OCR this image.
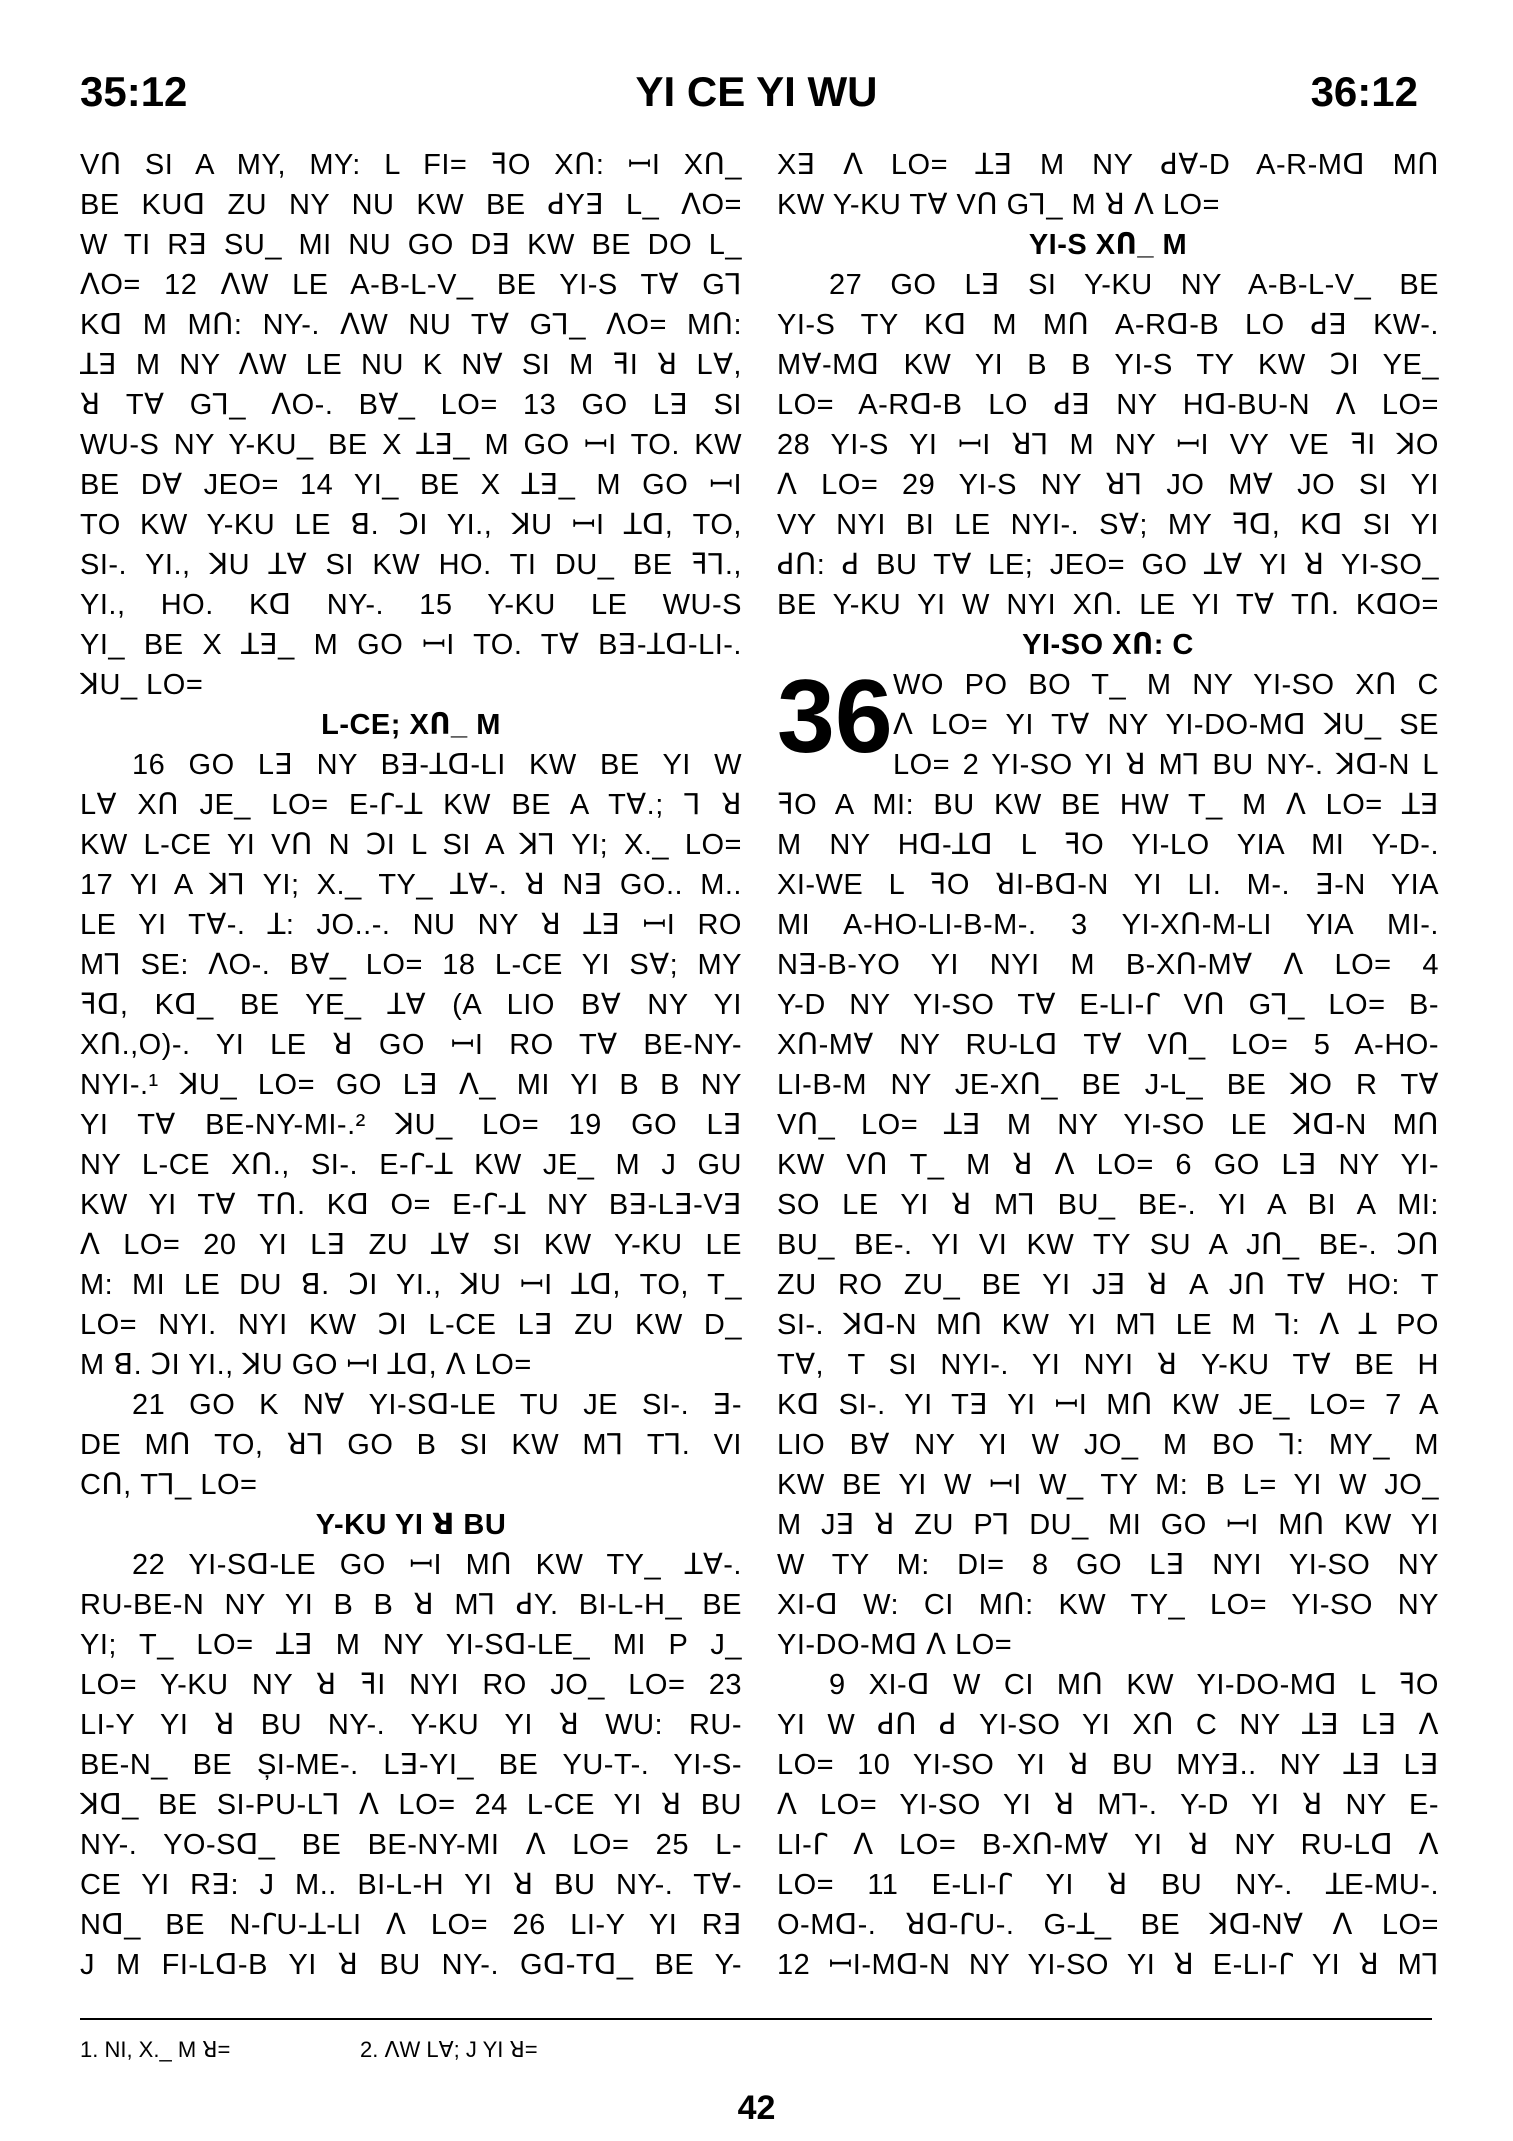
35:12	YI CE YI WU	36:12
VՈ SI A MY, MY: L FI= ꟻO XՈ: ꟷI XՈ_
BE KUꓷ ZU NY NU KW BE ꓒYꓱ L_ ꓥO=
W TI Rꓱ SU_ MI NU GO Dꓱ KW BE DO L_
ꓥO= 12 ꓥW LE A-B-L-V_ BE YI-S Tꓯ Gꓶ
Kꓷ M MՈ: NY-. ꓥW NU Tꓯ Gꓶ_ ꓥO= MՈ:
ꓕꓱ M NY ꓥW LE NU K Nꓯ SI M ꟻI ꓤ Lꓯ,
ꓤ Tꓯ Gꓶ_ ꓥO-. Bꓯ_ LO= 13 GO Lꓱ SI
WU-S NY Y-KU_ BE X ꓕꓱ_ M GO ꟷI TO. KW
BE Dꓯ JEO= 14 YI_ BE X ꓕꓱ_ M GO ꟷI
TO KW Y-KU LE ꓭ. ꓛI YI., ꓘU ꟷI ꓕꓷ, TO,
SI-. YI., ꓘU ꓕꓯ SI KW HO. TI DU_ BE ꟻꓶ.,
YI., HO. Kꓷ NY-. 15 Y-KU LE WU-S
YI_ BE X ꓕꓱ_ M GO ꟷI TO. Tꓯ Bꓱ-ꓕꓷ-LI-.
ꓘU_ LO=
L-CE; XՈ_ M
16 GO Lꓱ NY Bꓱ-ꓕꓷ-LI KW BE YI W
Lꓯ XՈ JE_ LO= E-ꓩ-ꓕ KW BE A Tꓯ.; ꓶ ꓤ
KW L-CE YI VՈ N ꓛI L SI A ꓘꓶ YI; X._ LO=
17 YI A ꓘꓶ YI; X._ TY_ ꓕꓯ-. ꓤ Nꓱ GO.. M..
LE YI Tꓯ-. ꓕ: JO..-. NU NY ꓤ ꓕꓱ ꟷI RO
Mꓶ SE: ꓥO-. Bꓯ_ LO= 18 L-CE YI Sꓯ; MY
ꟻꓷ, Kꓷ_ BE YE_ ꓕꓯ (A LIO Bꓯ NY YI
XՈ.,O)-. YI LE ꓤ GO ꟷI RO Tꓯ BE-NY-
NYI-.¹ ꓘU_ LO= GO Lꓱ ꓥ_ MI YI B B NY
YI Tꓯ BE-NY-MI-.² ꓘU_ LO= 19 GO Lꓱ
NY L-CE XՈ., SI-. E-ꓩ-ꓕ KW JE_ M J GU
KW YI Tꓯ TՈ. Kꓷ O= E-ꓩ-ꓕ NY Bꓱ-Lꓱ-Vꓱ
ꓥ LO= 20 YI Lꓱ ZU ꓕꓯ SI KW Y-KU LE
M: MI LE DU ꓭ. ꓛI YI., ꓘU ꟷI ꓕꓷ, TO, T_
LO= NYI. NYI KW ꓛI L-CE Lꓱ ZU KW D_
M ꓭ. ꓛI YI., ꓘU GO ꟷI ꓕꓷ, ꓥ LO=
21 GO K Nꓯ YI-Sꓷ-LE TU JE SI-. ꓱ-
DE MՈ TO, ꓤꓶ GO B SI KW Mꓶ Tꓶ. VI
CՈ, Tꓶ_ LO=
Y-KU YI ꓤ BU
22 YI-Sꓷ-LE GO ꟷI MՈ KW TY_ ꓕꓯ-.
RU-BE-N NY YI B B ꓤ Mꓶ ꓒY. BI-L-H_ BE
YI; T_ LO= ꓕꓱ M NY YI-Sꓷ-LE_ MI P J_
LO= Y-KU NY ꓤ ꟻI NYI RO JO_ LO= 23
LI-Y YI ꓤ BU NY-. Y-KU YI ꓤ WU: RU-
BE-N_ BE ȘI-ME-. Lꓱ-YI_ BE YU-T-. YI-S-
ꓘꓷ_ BE SI-PU-Lꓶ ꓥ LO= 24 L-CE YI ꓤ BU
NY-. YO-Sꓷ_ BE BE-NY-MI ꓥ LO= 25 L-
CE YI Rꓱ: J M.. BI-L-H YI ꓤ BU NY-. Tꓯ-
Nꓷ_ BE N-ꓩU-ꓕ-LI ꓥ LO= 26 LI-Y YI Rꓱ
J M FI-Lꓷ-B YI ꓤ BU NY-. Gꓷ-Tꓷ_ BE Y-
Xꓱ ꓥ LO= ꓕꓱ M NY ꓒꓯ-D A-R-Mꓷ MՈ
KW Y-KU Tꓯ VՈ Gꓶ_ M ꓤ ꓥ LO=
YI-S XՈ_ M
27 GO Lꓱ SI Y-KU NY A-B-L-V_ BE
YI-S TY Kꓷ M MՈ A-Rꓷ-B LO ꓒꓱ KW-.
Mꓯ-Mꓷ KW YI B B YI-S TY KW ꓛI YE_
LO= A-Rꓷ-B LO ꓒꓱ NY Hꓷ-BU-N ꓥ LO=
28 YI-S YI ꟷI ꓤꓶ M NY ꟷI VY VE ꟻI ꓘO
ꓥ LO= 29 YI-S NY ꓤꓶ JO Mꓯ JO SI YI
VY NYI BI LE NYI-. Sꓯ; MY ꟻꓷ, Kꓷ SI YI
ꓒՈ: ꓒ BU Tꓯ LE; JEO= GO ꓕꓯ YI ꓤ YI-SO_
BE Y-KU YI W NYI XՈ. LE YI Tꓯ TՈ. KꓷO=
YI-SO XՈ: C
36 WO PO BO T_ M NY YI-SO XՈ C
ꓥ LO= YI Tꓯ NY YI-DO-Mꓷ ꓘU_ SE
LO= 2 YI-SO YI ꓤ Mꓶ BU NY-. ꓘꓷ-N L
ꟻO A MI: BU KW BE HW T_ M ꓥ LO= ꓕꓱ
M NY Hꓷ-ꓕꓷ L ꟻO YI-LO YIA MI Y-D-.
XI-WE L ꟻO ꓤI-Bꓷ-N YI LI. M-. ꓱ-N YIA
MI A-HO-LI-B-M-. 3 YI-XՈ-M-LI YIA MI-.
Nꓱ-B-YO YI NYI M B-XՈ-Mꓯ ꓥ LO= 4
Y-D NY YI-SO Tꓯ E-LI-ꓩ VՈ Gꓶ_ LO= B-
XՈ-Mꓯ NY RU-Lꓷ Tꓯ VՈ_ LO= 5 A-HO-
LI-B-M NY JE-XՈ_ BE J-L_ BE ꓘO R Tꓯ
VՈ_ LO= ꓕꓱ M NY YI-SO LE ꓘꓷ-N MՈ
KW VՈ T_ M ꓤ ꓥ LO= 6 GO Lꓱ NY YI-
SO LE YI ꓤ Mꓶ BU_ BE-. YI A BI A MI:
BU_ BE-. YI VI KW TY SU A JՈ_ BE-. ꓛՈ
ZU RO ZU_ BE YI Jꓱ ꓤ A JՈ Tꓯ HO: T
SI-. ꓘꓷ-N MՈ KW YI Mꓶ LE M ꓶ: ꓥ ꓕ PO
Tꓯ, T SI NYI-. YI NYI ꓤ Y-KU Tꓯ BE H
Kꓷ SI-. YI Tꓱ YI ꟷI MՈ KW JE_ LO= 7 A
LIO Bꓯ NY YI W JO_ M BO ꓶ: MY_ M
KW BE YI W ꟷI W_ TY M: B L= YI W JO_
M Jꓱ ꓤ ZU Pꓶ DU_ MI GO ꟷI MՈ KW YI
W TY M: DI= 8 GO Lꓱ NYI YI-SO NY
XI-ꓷ W: CI MՈ: KW TY_ LO= YI-SO NY
YI-DO-Mꓷ ꓥ LO=
9 XI-ꓷ W CI MՈ KW YI-DO-Mꓷ L ꟻO
YI W ꓒՈ ꓒ YI-SO YI XՈ C NY ꓕꓱ Lꓱ ꓥ
LO= 10 YI-SO YI ꓤ BU MYꓱ.. NY ꓕꓱ Lꓱ
ꓥ LO= YI-SO YI ꓤ Mꓶ-. Y-D YI ꓤ NY E-
LI-ꓩ ꓥ LO= B-XՈ-Mꓯ YI ꓤ NY RU-Lꓷ ꓥ
LO= 11 E-LI-ꓩ YI ꓤ BU NY-. ꓕE-MU-.
O-Mꓷ-. ꓤꓷ-ꓩU-. G-ꓕ_ BE ꓘꓷ-Nꓯ ꓥ LO=
12 ꟷI-Mꓷ-N NY YI-SO YI ꓤ E-LI-ꓩ YI ꓤ Mꓶ
1. NI, X._ M ꓤ=	2. ꓥW Lꓯ; J YI ꓤ=
42
